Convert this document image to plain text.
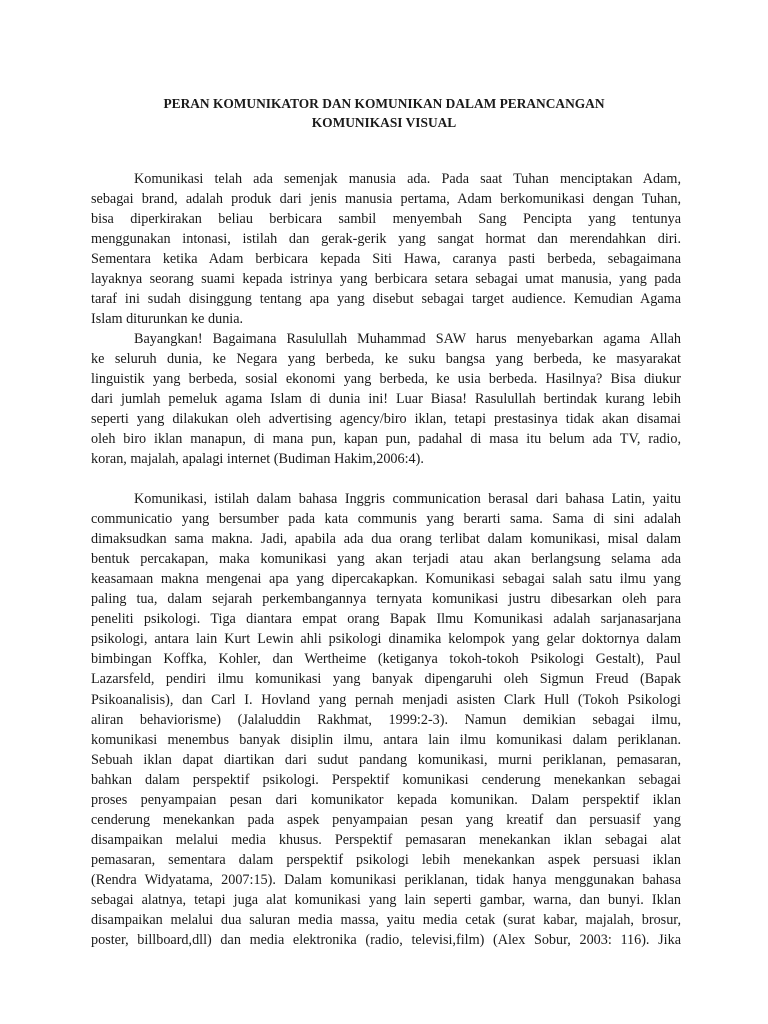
PERAN KOMUNIKATOR DAN KOMUNIKAN DALAM PERANCANGAN
KOMUNIKASI VISUAL
Komunikasi telah ada semenjak manusia ada. Pada saat Tuhan menciptakan Adam,
sebagai brand, adalah produk dari jenis manusia pertama, Adam berkomunikasi dengan Tuhan,
bisa diperkirakan beliau berbicara sambil menyembah Sang Pencipta yang tentunya
menggunakan intonasi, istilah dan gerak-gerik yang sangat hormat dan merendahkan diri.
Sementara ketika Adam berbicara kepada Siti Hawa, caranya pasti berbeda, sebagaimana
layaknya seorang suami kepada istrinya yang berbicara setara sebagai umat manusia, yang pada
taraf ini sudah disinggung tentang apa yang disebut sebagai target audience. Kemudian Agama
Islam diturunkan ke dunia.
Bayangkan! Bagaimana Rasulullah Muhammad SAW harus menyebarkan agama Allah
ke seluruh dunia, ke Negara yang berbeda, ke suku bangsa yang berbeda, ke masyarakat
linguistik yang berbeda, sosial ekonomi yang berbeda, ke usia berbeda. Hasilnya? Bisa diukur
dari jumlah pemeluk agama Islam di dunia ini! Luar Biasa! Rasulullah bertindak kurang lebih
seperti yang dilakukan oleh advertising agency/biro iklan, tetapi prestasinya tidak akan disamai
oleh biro iklan manapun, di mana pun, kapan pun, padahal di masa itu belum ada TV, radio,
koran, majalah, apalagi internet (Budiman Hakim,2006:4).
Komunikasi, istilah dalam bahasa Inggris communication berasal dari bahasa Latin, yaitu
communicatio yang bersumber pada kata communis yang berarti sama. Sama di sini adalah
dimaksudkan sama makna. Jadi, apabila ada dua orang terlibat dalam komunikasi, misal dalam
bentuk percakapan, maka komunikasi yang akan terjadi atau akan berlangsung selama ada
keasamaan makna mengenai apa yang dipercakapkan. Komunikasi sebagai salah satu ilmu yang
paling tua, dalam sejarah perkembangannya ternyata komunikasi justru dibesarkan oleh para
peneliti psikologi. Tiga diantara empat orang Bapak Ilmu Komunikasi adalah sarjanasarjana
psikologi, antara lain Kurt Lewin ahli psikologi dinamika kelompok yang gelar doktornya dalam
bimbingan Koffka, Kohler, dan Wertheime (ketiganya tokoh-tokoh Psikologi Gestalt), Paul
Lazarsfeld, pendiri ilmu komunikasi yang banyak dipengaruhi oleh Sigmun Freud (Bapak
Psikoanalisis), dan Carl I. Hovland yang pernah menjadi asisten Clark Hull (Tokoh Psikologi
aliran behaviorisme) (Jalaluddin Rakhmat, 1999:2-3). Namun demikian sebagai ilmu,
komunikasi menembus banyak disiplin ilmu, antara lain ilmu komunikasi dalam periklanan.
Sebuah iklan dapat diartikan dari sudut pandang komunikasi, murni periklanan, pemasaran,
bahkan dalam perspektif psikologi. Perspektif komunikasi cenderung menekankan sebagai
proses penyampaian pesan dari komunikator kepada komunikan. Dalam perspektif iklan
cenderung menekankan pada aspek penyampaian pesan yang kreatif dan persuasif yang
disampaikan melalui media khusus. Perspektif pemasaran menekankan iklan sebagai alat
pemasaran, sementara dalam perspektif psikologi lebih menekankan aspek persuasi iklan
(Rendra Widyatama, 2007:15). Dalam komunikasi periklanan, tidak hanya menggunakan bahasa
sebagai alatnya, tetapi juga alat komunikasi yang lain seperti gambar, warna, dan bunyi. Iklan
disampaikan melalui dua saluran media massa, yaitu media cetak (surat kabar, majalah, brosur,
poster, billboard,dll) dan media elektronika (radio, televisi,film) (Alex Sobur, 2003: 116). Jika
